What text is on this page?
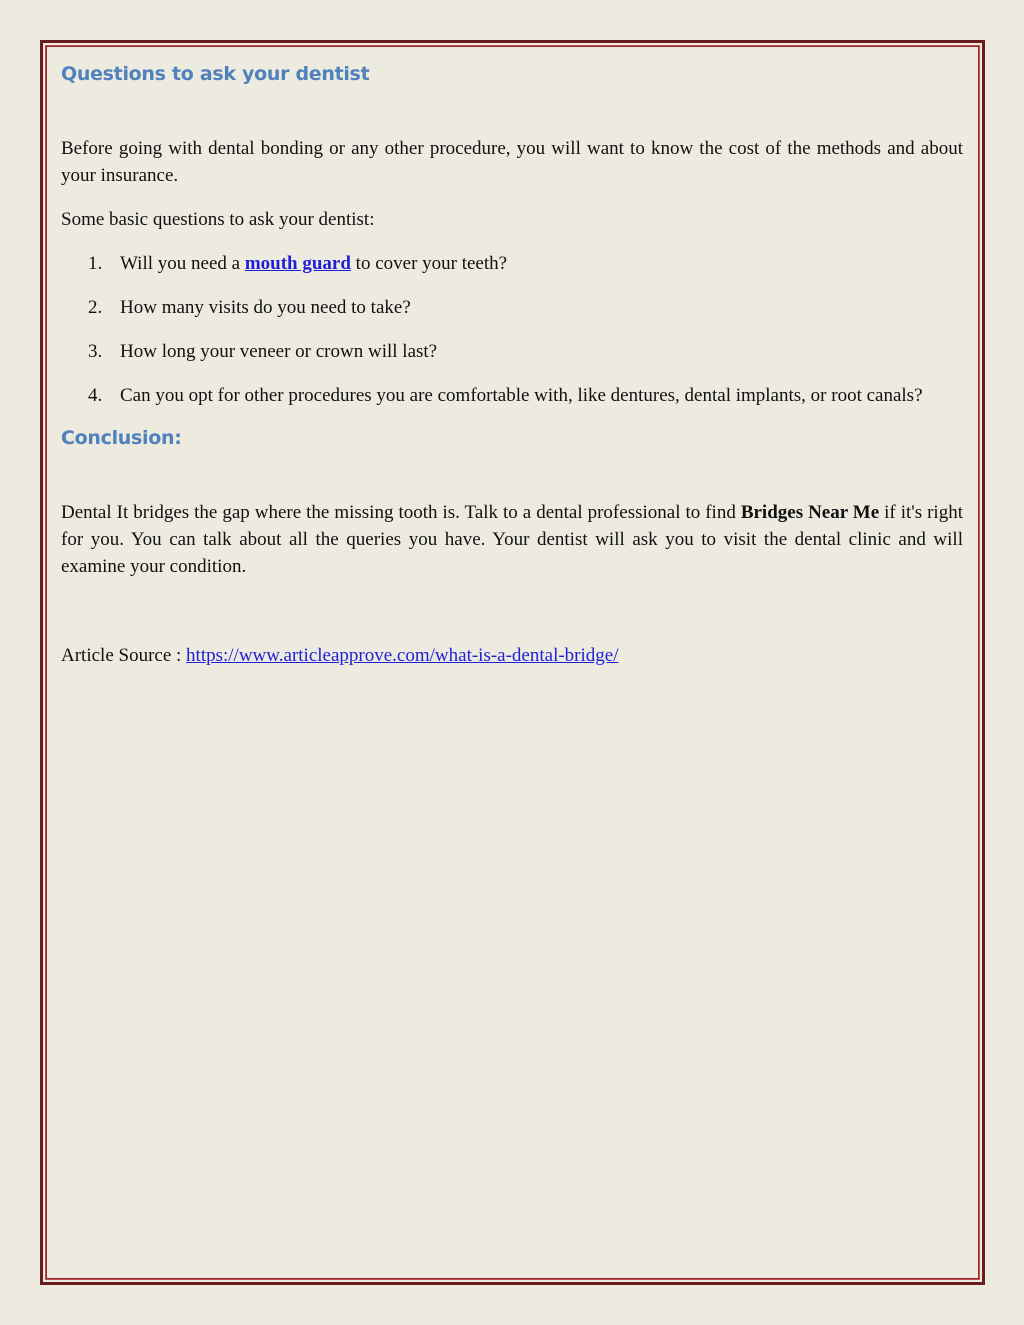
Questions to ask your dentist

Before going with dental bonding or any other procedure, you will want to know the cost of the methods and about your insurance.

Some basic questions to ask your dentist:

1. Will you need a mouth guard to cover your teeth?
2. How many visits do you need to take?
3. How long your veneer or crown will last?
4. Can you opt for other procedures you are comfortable with, like dentures, dental implants, or root canals?
Conclusion:

Dental It bridges the gap where the missing tooth is. Talk to a dental professional to find Bridges Near Me if it's right for you. You can talk about all the queries you have. Your dentist will ask you to visit the dental clinic and will examine your condition.

Article Source : https://www.articleapprove.com/what-is-a-dental-bridge/
